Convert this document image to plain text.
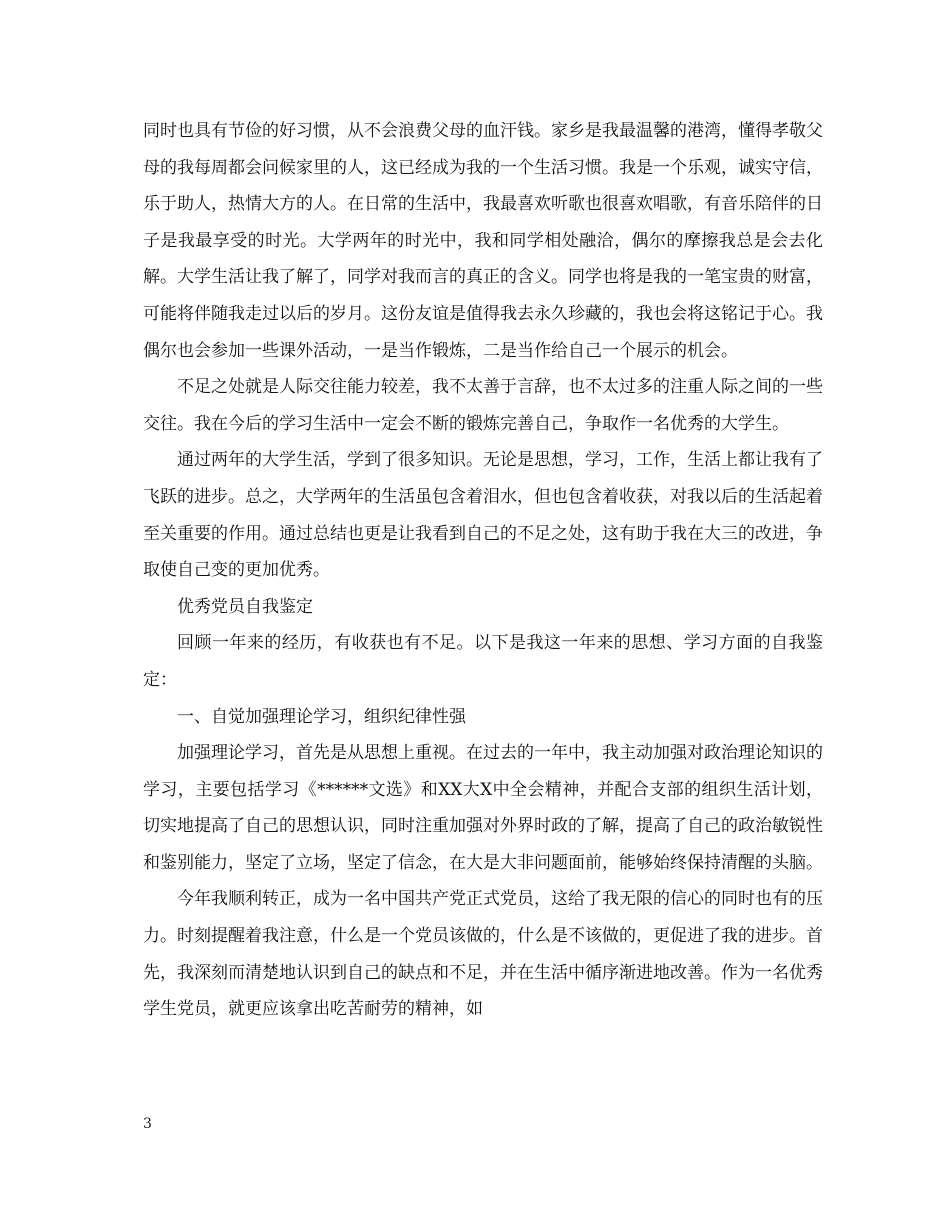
同时也具有节俭的好习惯，从不会浪费父母的血汗钱。家乡是我最温馨的港湾，懂得孝敬父母的我每周都会问候家里的人，这已经成为我的一个生活习惯。我是一个乐观，诚实守信，乐于助人，热情大方的人。在日常的生活中，我最喜欢听歌也很喜欢唱歌，有音乐陪伴的日子是我最享受的时光。大学两年的时光中，我和同学相处融洽，偶尔的摩擦我总是会去化解。大学生活让我了解了，同学对我而言的真正的含义。同学也将是我的一笔宝贵的财富，可能将伴随我走过以后的岁月。这份友谊是值得我去永久珍藏的，我也会将这铭记于心。我偶尔也会参加一些课外活动，一是当作锻炼，二是当作给自己一个展示的机会。

不足之处就是人际交往能力较差，我不太善于言辞，也不太过多的注重人际之间的一些交往。我在今后的学习生活中一定会不断的锻炼完善自己，争取作一名优秀的大学生。

通过两年的大学生活，学到了很多知识。无论是思想，学习，工作，生活上都让我有了飞跃的进步。总之，大学两年的生活虽包含着泪水，但也包含着收获，对我以后的生活起着至关重要的作用。通过总结也更是让我看到自己的不足之处，这有助于我在大三的改进，争取使自己变的更加优秀。

优秀党员自我鉴定

回顾一年来的经历，有收获也有不足。以下是我这一年来的思想、学习方面的自我鉴定：

一、自觉加强理论学习，组织纪律性强

加强理论学习，首先是从思想上重视。在过去的一年中，我主动加强对政治理论知识的学习，主要包括学习《******文选》和XX大X中全会精神，并配合支部的组织生活计划，切实地提高了自己的思想认识，同时注重加强对外界时政的了解，提高了自己的政治敏锐性和鉴别能力，坚定了立场，坚定了信念，在大是大非问题面前，能够始终保持清醒的头脑。

今年我顺利转正，成为一名中国共产党正式党员，这给了我无限的信心的同时也有的压力。时刻提醒着我注意，什么是一个党员该做的，什么是不该做的，更促进了我的进步。首先，我深刻而清楚地认识到自己的缺点和不足，并在生活中循序渐进地改善。作为一名优秀学生党员，就更应该拿出吃苦耐劳的精神，如

3
